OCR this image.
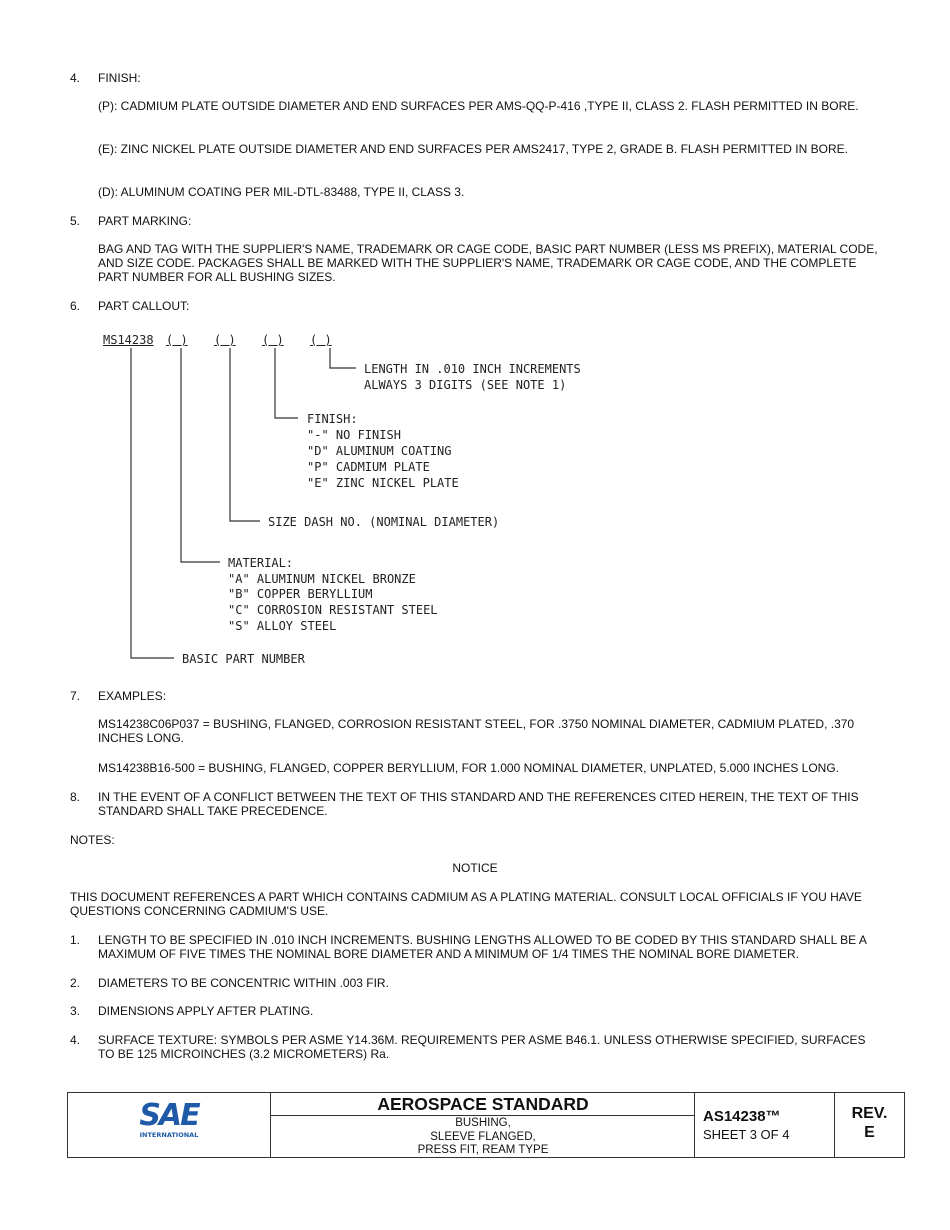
4. FINISH:
(P): CADMIUM PLATE OUTSIDE DIAMETER AND END SURFACES PER AMS-QQ-P-416 ,TYPE II, CLASS 2. FLASH PERMITTED IN BORE.
(E): ZINC NICKEL PLATE OUTSIDE DIAMETER AND END SURFACES PER AMS2417, TYPE 2, GRADE B. FLASH PERMITTED IN BORE.
(D): ALUMINUM COATING PER MIL-DTL-83488, TYPE II, CLASS 3.
5. PART MARKING:
BAG AND TAG WITH THE SUPPLIER'S NAME, TRADEMARK OR CAGE CODE, BASIC PART NUMBER (LESS MS PREFIX), MATERIAL CODE, AND SIZE CODE. PACKAGES SHALL BE MARKED WITH THE SUPPLIER'S NAME, TRADEMARK OR CAGE CODE, AND THE COMPLETE PART NUMBER FOR ALL BUSHING SIZES.
6. PART CALLOUT:
MS14238 ( ) ( ) ( ) ( )
LENGTH IN .010 INCH INCREMENTS
ALWAYS 3 DIGITS (SEE NOTE 1)
FINISH:
"-" NO FINISH
"D" ALUMINUM COATING
"P" CADMIUM PLATE
"E" ZINC NICKEL PLATE
SIZE DASH NO. (NOMINAL DIAMETER)
MATERIAL:
"A" ALUMINUM NICKEL BRONZE
"B" COPPER BERYLLIUM
"C" CORROSION RESISTANT STEEL
"S" ALLOY STEEL
BASIC PART NUMBER
7. EXAMPLES:
MS14238C06P037 = BUSHING, FLANGED, CORROSION RESISTANT STEEL, FOR .3750 NOMINAL DIAMETER, CADMIUM PLATED, .370 INCHES LONG.
MS14238B16-500 = BUSHING, FLANGED, COPPER BERYLLIUM, FOR 1.000 NOMINAL DIAMETER, UNPLATED, 5.000 INCHES LONG.
8. IN THE EVENT OF A CONFLICT BETWEEN THE TEXT OF THIS STANDARD AND THE REFERENCES CITED HEREIN, THE TEXT OF THIS STANDARD SHALL TAKE PRECEDENCE.
NOTES:
NOTICE
THIS DOCUMENT REFERENCES A PART WHICH CONTAINS CADMIUM AS A PLATING MATERIAL. CONSULT LOCAL OFFICIALS IF YOU HAVE QUESTIONS CONCERNING CADMIUM'S USE.
1. LENGTH TO BE SPECIFIED IN .010 INCH INCREMENTS. BUSHING LENGTHS ALLOWED TO BE CODED BY THIS STANDARD SHALL BE A MAXIMUM OF FIVE TIMES THE NOMINAL BORE DIAMETER AND A MINIMUM OF 1/4 TIMES THE NOMINAL BORE DIAMETER.
2. DIAMETERS TO BE CONCENTRIC WITHIN .003 FIR.
3. DIMENSIONS APPLY AFTER PLATING.
4. SURFACE TEXTURE: SYMBOLS PER ASME Y14.36M. REQUIREMENTS PER ASME B46.1. UNLESS OTHERWISE SPECIFIED, SURFACES TO BE 125 MICROINCHES (3.2 MICROMETERS) Ra.
SAE
INTERNATIONAL
AEROSPACE STANDARD
BUSHING,
SLEEVE FLANGED,
PRESS FIT, REAM TYPE
AS14238™
SHEET 3 OF 4
REV.
E
